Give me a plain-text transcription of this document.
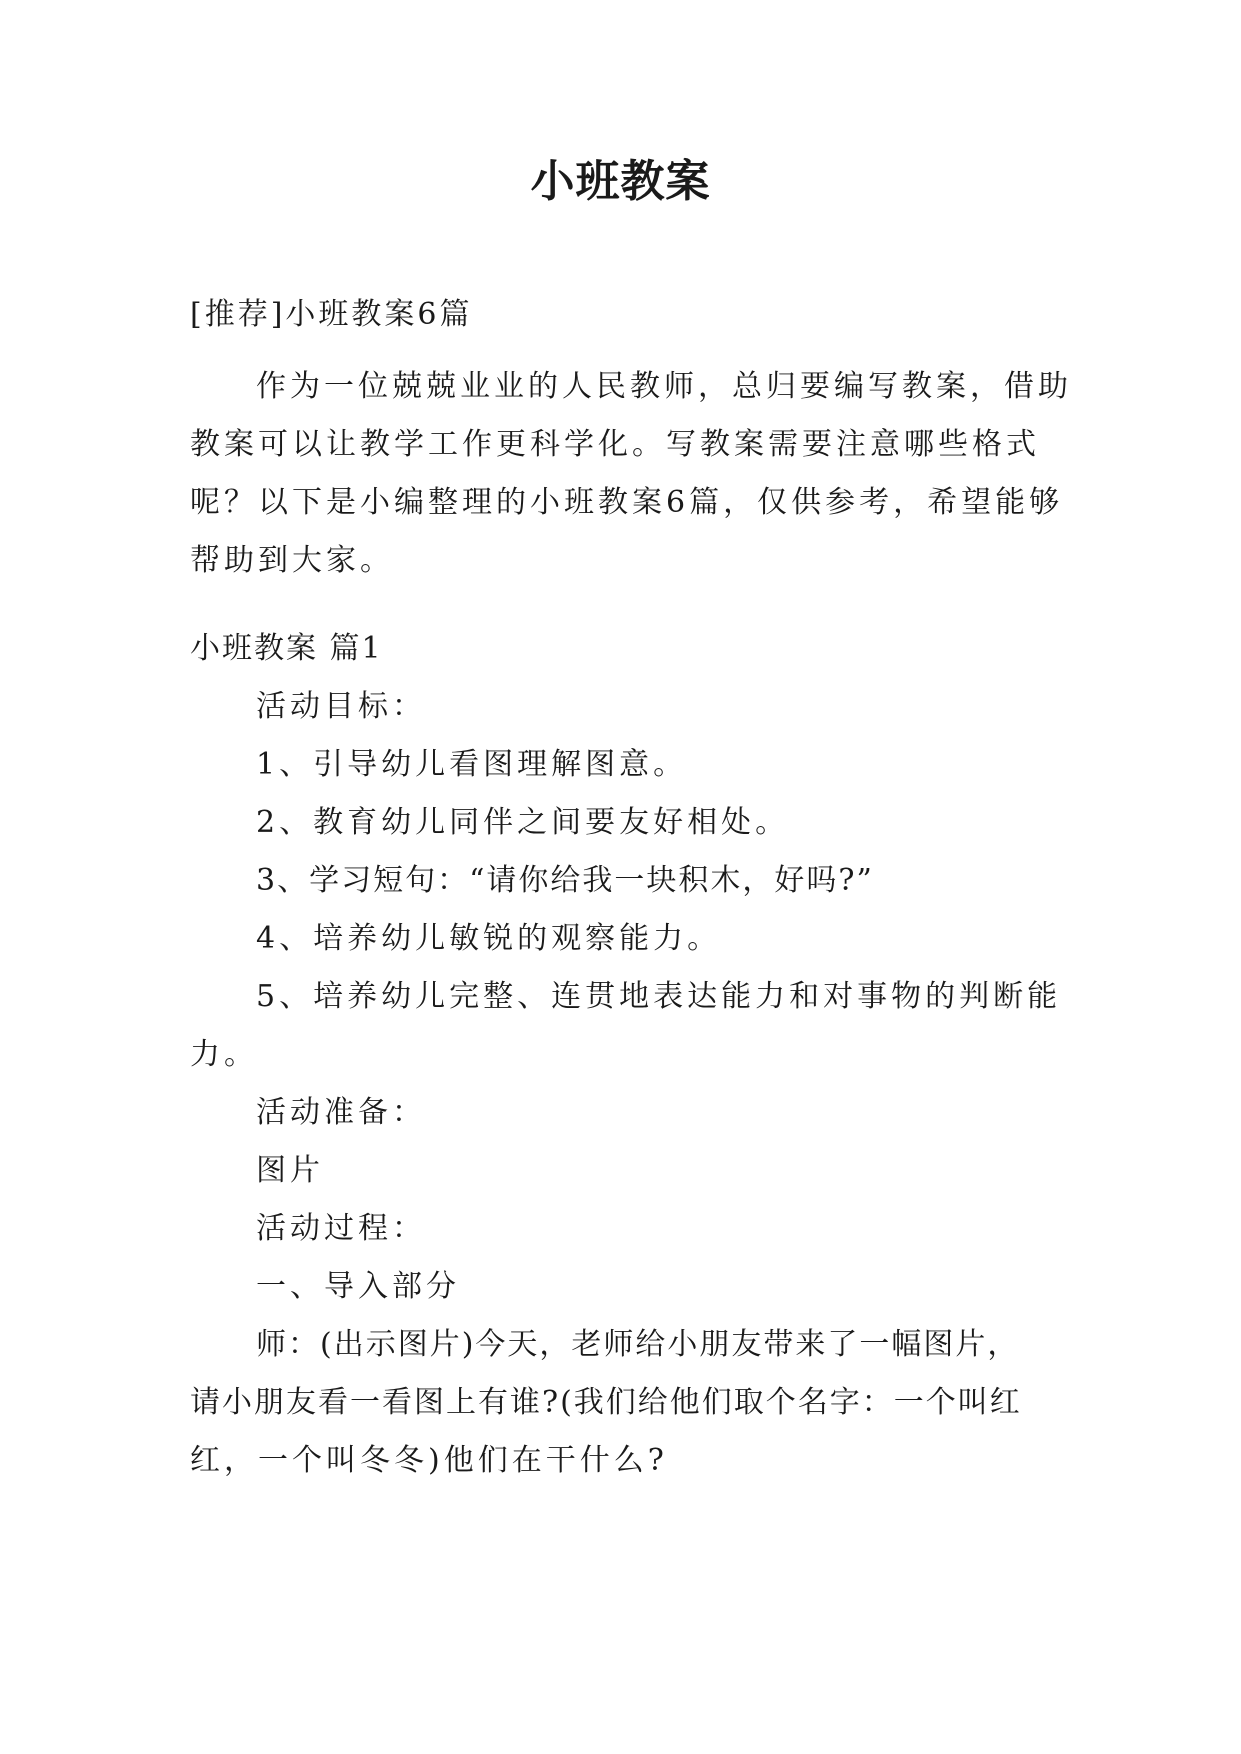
小班教案
[推荐]小班教案6篇
作为一位兢兢业业的人民教师，总归要编写教案，借助
教案可以让教学工作更科学化。写教案需要注意哪些格式
呢？以下是小编整理的小班教案6篇，仅供参考，希望能够
帮助到大家。
小班教案 篇1
活动目标：
1、引导幼儿看图理解图意。
2、教育幼儿同伴之间要友好相处。
3、学习短句：“请你给我一块积木，好吗?”
4、培养幼儿敏锐的观察能力。
5、培养幼儿完整、连贯地表达能力和对事物的判断能
力。
活动准备：
图片
活动过程：
一、导入部分
师：(出示图片)今天，老师给小朋友带来了一幅图片，
请小朋友看一看图上有谁?(我们给他们取个名字：一个叫红
红，一个叫冬冬)他们在干什么?
